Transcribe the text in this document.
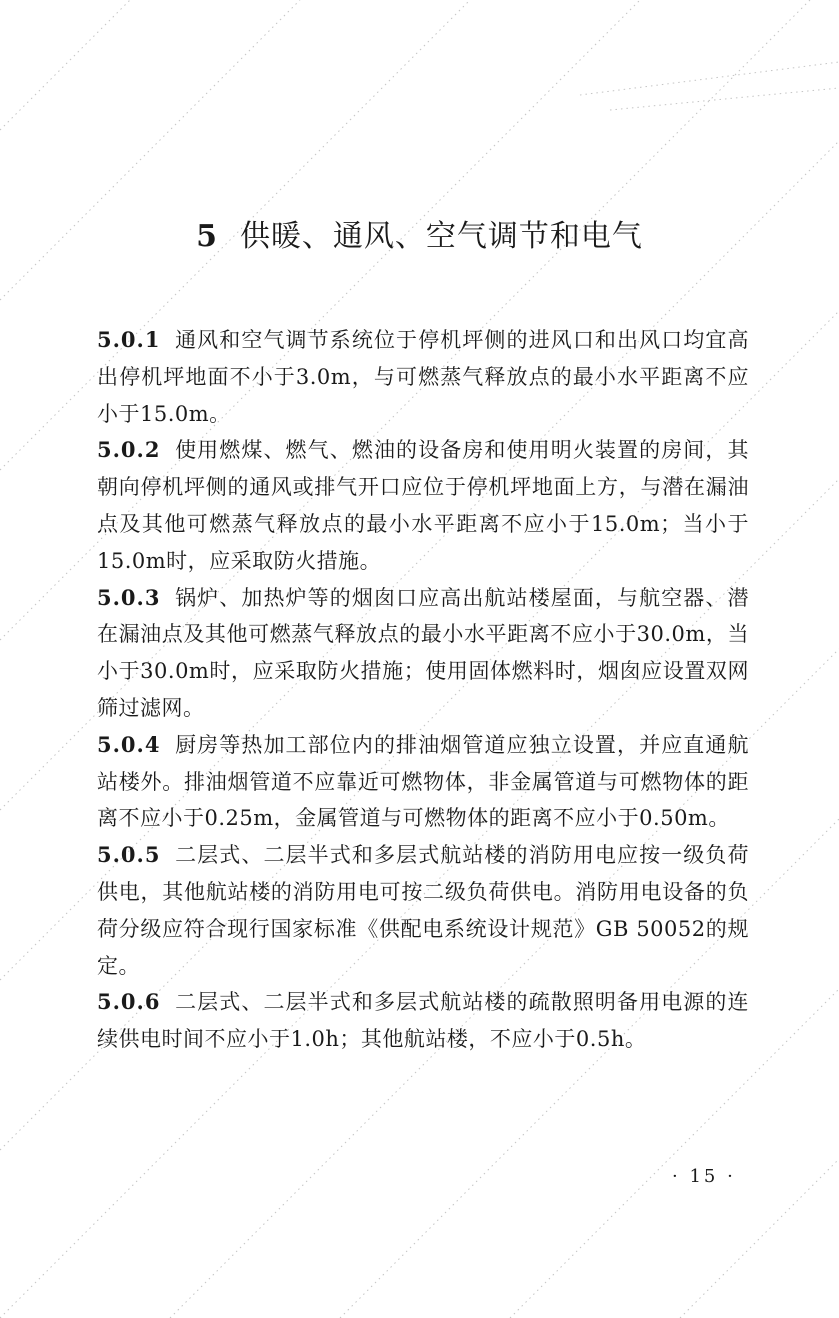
5 供暖、通风、空气调节和电气

5.0.1 通风和空气调节系统位于停机坪侧的进风口和出风口均宜高出停机坪地面不小于3.0m，与可燃蒸气释放点的最小水平距离不应小于15.0m。

5.0.2 使用燃煤、燃气、燃油的设备房和使用明火装置的房间，其朝向停机坪侧的通风或排气开口应位于停机坪地面上方，与潜在漏油点及其他可燃蒸气释放点的最小水平距离不应小于15.0m；当小于15.0m时，应采取防火措施。

5.0.3 锅炉、加热炉等的烟囱口应高出航站楼屋面，与航空器、潜在漏油点及其他可燃蒸气释放点的最小水平距离不应小于30.0m，当小于30.0m时，应采取防火措施；使用固体燃料时，烟囱应设置双网筛过滤网。

5.0.4 厨房等热加工部位内的排油烟管道应独立设置，并应直通航站楼外。排油烟管道不应靠近可燃物体，非金属管道与可燃物体的距离不应小于0.25m，金属管道与可燃物体的距离不应小于0.50m。

5.0.5 二层式、二层半式和多层式航站楼的消防用电应按一级负荷供电，其他航站楼的消防用电可按二级负荷供电。消防用电设备的负荷分级应符合现行国家标准《供配电系统设计规范》GB 50052的规定。

5.0.6 二层式、二层半式和多层式航站楼的疏散照明备用电源的连续供电时间不应小于1.0h；其他航站楼，不应小于0.5h。

· 15 ·
